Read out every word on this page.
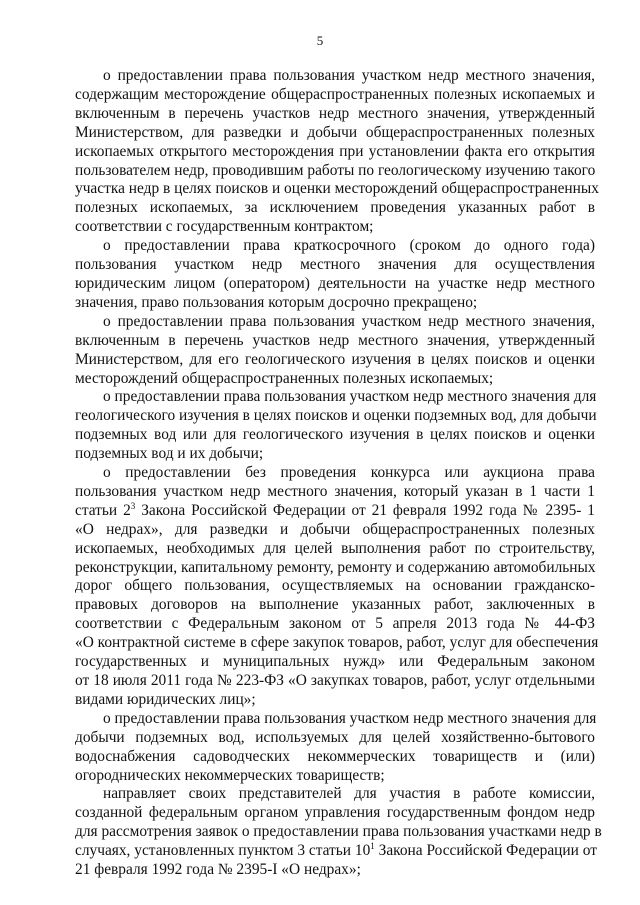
5
о предоставлении права пользования участком недр местного значения,
содержащим месторождение общераспространенных полезных ископаемых и
включенным в перечень участков недр местного значения, утвержденный
Министерством, для разведки и добычи общераспространенных полезных
ископаемых открытого месторождения при установлении факта его открытия
пользователем недр, проводившим работы по геологическому изучению такого
участка недр в целях поисков и оценки месторождений общераспространенных
полезных ископаемых, за исключением проведения указанных работ в
соответствии с государственным контрактом;
о предоставлении права краткосрочного (сроком до одного года)
пользования участком недр местного значения для осуществления
юридическим лицом (оператором) деятельности на участке недр местного
значения, право пользования которым досрочно прекращено;
о предоставлении права пользования участком недр местного значения,
включенным в перечень участков недр местного значения, утвержденный
Министерством, для его геологического изучения в целях поисков и оценки
месторождений общераспространенных полезных ископаемых;
о предоставлении права пользования участком недр местного значения для
геологического изучения в целях поисков и оценки подземных вод, для добычи
подземных вод или для геологического изучения в целях поисков и оценки
подземных вод и их добычи;
о предоставлении без проведения конкурса или аукциона права
пользования участком недр местного значения, который указан в 1 части 1
статьи $2^3$ Закона Российской Федерации от 21 февраля 1992 года № 2395- 1
«О недрах», для разведки и добычи общераспространенных полезных
ископаемых, необходимых для целей выполнения работ по строительству,
реконструкции, капитальному ремонту, ремонту и содержанию автомобильных
дорог общего пользования, осуществляемых на основании гражданско-
правовых договоров на выполнение указанных работ, заключенных в
соответствии с Федеральным законом от 5 апреля 2013 года № 44-ФЗ
«О контрактной системе в сфере закупок товаров, работ, услуг для обеспечения
государственных и муниципальных нужд» или Федеральным законом
от 18 июля 2011 года № 223-ФЗ «О закупках товаров, работ, услуг отдельными
видами юридических лиц»;
о предоставлении права пользования участком недр местного значения для
добычи подземных вод, используемых для целей хозяйственно-бытового
водоснабжения садоводческих некоммерческих товариществ и (или)
огороднических некоммерческих товариществ;
направляет своих представителей для участия в работе комиссии,
созданной федеральным органом управления государственным фондом недр
для рассмотрения заявок о предоставлении права пользования участками недр в
случаях, установленных пунктом 3 статьи $10^1$ Закона Российской Федерации от
21 февраля 1992 года № 2395-I «О недрах»;
